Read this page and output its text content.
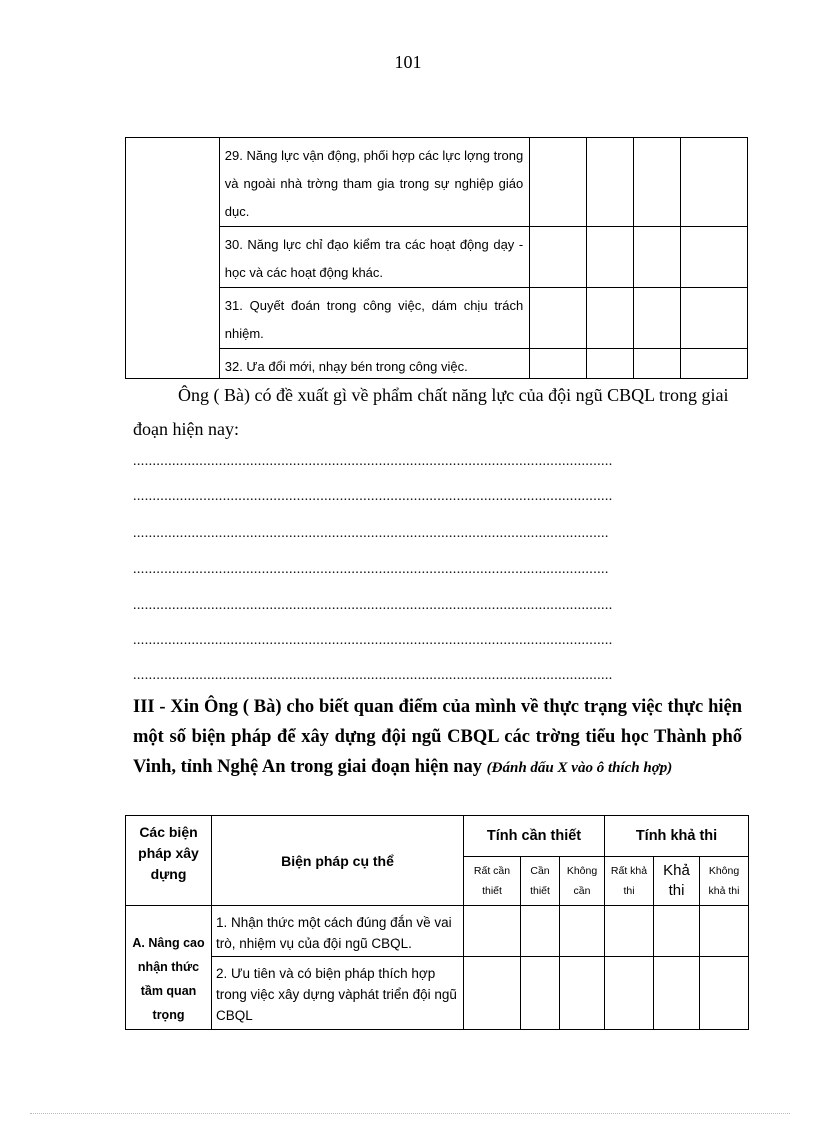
101

	29. Năng lực vận động, phối hợp các lực lợng trong và ngoài nhà trờng tham gia trong sự nghiệp giáo dục.				

	30. Năng lực chỉ đạo kiểm tra các hoạt động dạy - học và các hoạt động khác.				

	31. Quyết đoán trong công việc, dám chịu trách nhiệm.				

	32. Ưa đổi mới, nhạy bén trong công việc.				

Ông ( Bà) có đề xuất gì về phẩm chất năng lực của đội ngũ CBQL trong giai đoạn hiện nay:
...........................................................................................................................
...........................................................................................................................
..........................................................................................................................
..........................................................................................................................
...........................................................................................................................
...........................................................................................................................
...........................................................................................................................
III - Xin Ông ( Bà) cho biết quan điểm của mình về thực trạng việc thực hiện một số biện pháp để xây dựng đội ngũ CBQL các trờng tiểu học Thành phố Vinh, tỉnh Nghệ An trong giai đoạn hiện nay (Đánh dấu X vào ô thích hợp)
Các biện pháp xây dựng	Biện pháp cụ thể	Tính cần thiết			Tính khả thi		
		Rất cần thiết	Cần thiết	Không cần	Rất khả thi	Khả thi	Không khả thi
A. Nâng cao nhận thức tầm quan trọng	1. Nhận thức một cách đúng đắn về vai trò, nhiệm vụ của đội ngũ CBQL.						
	2. Ưu tiên và có biện pháp thích hợp trong việc xây dựng vàphát triển đội ngũ CBQL						
